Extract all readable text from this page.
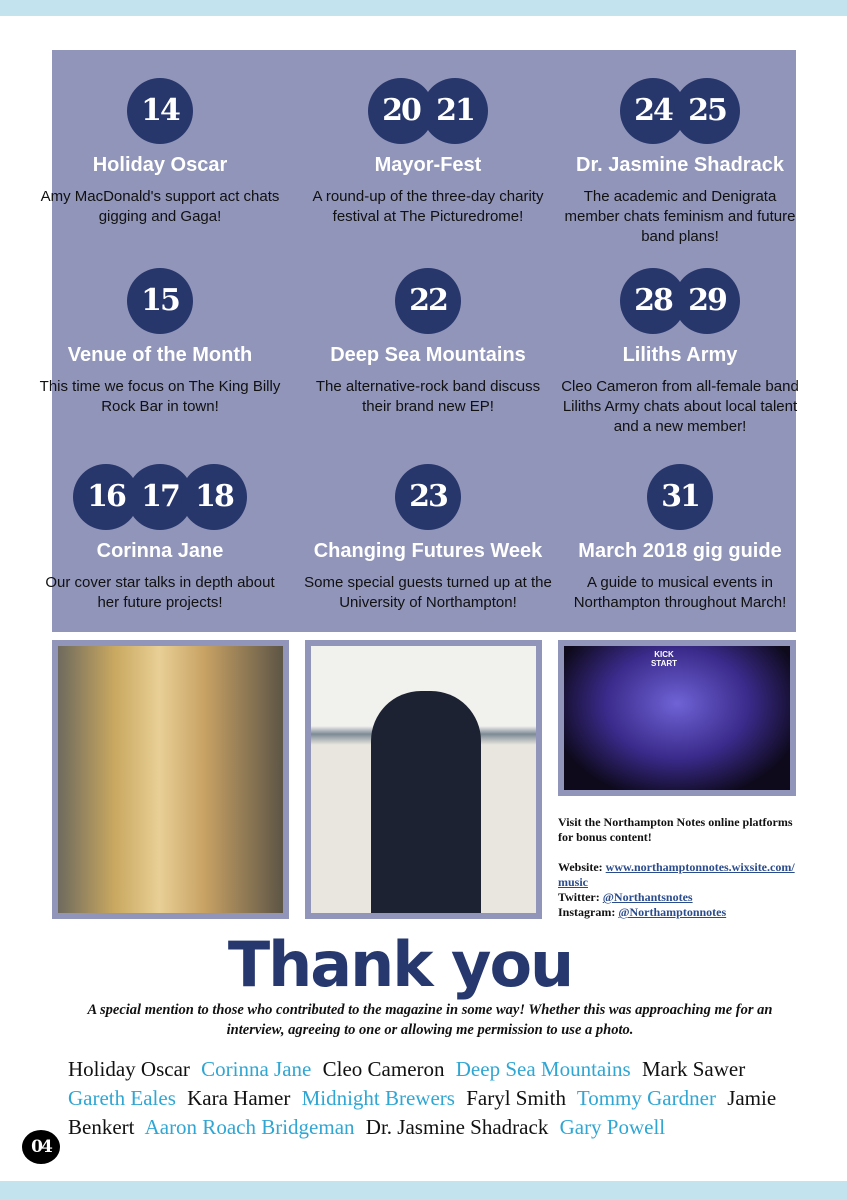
14
Holiday Oscar
Amy MacDonald's support act chats gigging and Gaga!
20 21
Mayor-Fest
A round-up of the three-day charity festival at The Picturedrome!
24 25
Dr. Jasmine Shadrack
The academic and Denigrata member chats feminism and future band plans!
15
Venue of the Month
This time we focus on The King Billy Rock Bar in town!
22
Deep Sea Mountains
The alternative-rock band discuss their brand new EP!
28 29
Liliths Army
Cleo Cameron from all-female band Liliths Army chats about local talent and a new member!
16 17 18
Corinna Jane
Our cover star talks in depth about her future projects!
23
Changing Futures Week
Some special guests turned up at the University of Northampton!
31
March 2018 gig guide
A guide to musical events in Northampton throughout March!
KICK START
Visit the Northampton Notes online platforms for bonus content!

Website: www.northamptonnotes.wixsite.com/music
Twitter: @Northantsnotes
Instagram: @Northamptonnotes
Thank you
A special mention to those who contributed to the magazine in some way! Whether this was approaching me for an interview, agreeing to one or allowing me permission to use a photo.
Holiday Oscar Corinna Jane Cleo Cameron Deep Sea Mountains Mark Sawer Gareth Eales Kara Hamer Midnight Brewers Faryl Smith Tommy Gardner Jamie Benkert Aaron Roach Bridgeman Dr. Jasmine Shadrack Gary Powell
04
